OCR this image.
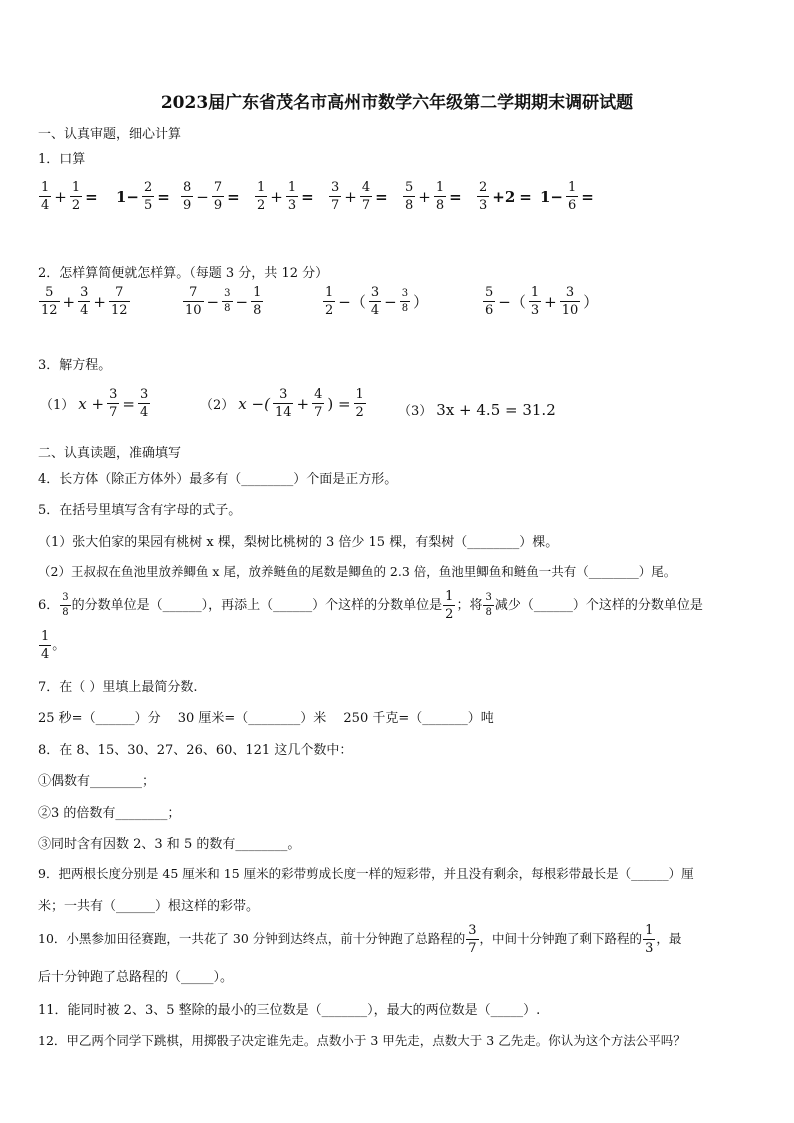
2023届广东省茂名市高州市数学六年级第二学期期末调研试题
一、认真审题，细心计算
1．口算
$\frac{1}{4} + \frac{1}{2} = 1- \frac{2}{5} = \frac{8}{9} - \frac{7}{9} = \frac{1}{2} + \frac{1}{3} = \frac{3}{7} + \frac{4}{7} = \frac{5}{8} + \frac{1}{8} = \frac{2}{3} +2 = 1- \frac{1}{6}$ =
2．怎样算简便就怎样算。（每题 3 分，共 12 分）
$\frac{5}{12} + \frac{3}{4} + \frac{7}{12}$	$\frac{7}{10} - \frac{3}{8} - \frac{1}{8}$	$\frac{1}{2}$ −（ $\frac{3}{4} - \frac{3}{8}$ ）	$\frac{5}{6}$ −（ $\frac{1}{3} + \frac{3}{10}$ ）
3．解方程。
（1） $x + \frac{3}{7} = \frac{3}{4}$	（2） x −( $\frac{3}{14} + \frac{4}{7}$ ) = $\frac{1}{2} (3) 3x + 4.5 = 31.2$
二、认真读题，准确填写
4．长方体（除正方体外）最多有（________）个面是正方形。
5．在括号里填写含有字母的式子。
（1）张大伯家的果园有桃树 x 棵，梨树比桃树的 3 倍少 15 棵，有梨树（________）棵。
（2）王叔叔在鱼池里放养鲫鱼 x 尾，放养鲢鱼的尾数是鲫鱼的 2.3 倍，鱼池里鲫鱼和鲢鱼一共有（________）尾。
6． $\frac{3}{8}$ 的分数单位是（______），再添上（______）个这样的分数单位是 $\frac{1}{2}$ ；将 $\frac{3}{8}$ 减少（______）个这样的分数单位是
$\frac{1}{4}$ 。
7．在（ ）里填上最简分数.
25 秒=（______）分　 30 厘米=（________）米　 250 千克=（_______）吨
8．在 8、15、30、27、26、60、121 这几个数中：
①偶数有________；
②3 的倍数有________；
③同时含有因数 2、3 和 5 的数有________。
9．把两根长度分别是 45 厘米和 15 厘米的彩带剪成长度一样的短彩带，并且没有剩余，每根彩带最长是（______）厘
米；一共有（______）根这样的彩带。
10．小黑参加田径赛跑，一共花了 30 分钟到达终点，前十分钟跑了总路程的 $\frac{3}{7}$ ，中间十分钟跑了剩下路程的 $\frac{1}{3}$ ，最
后十分钟跑了总路程的（_____）。
11．能同时被 2、3、5 整除的最小的三位数是（_______），最大的两位数是（_____）.
12．甲乙两个同学下跳棋，用掷骰子决定谁先走。点数小于 3 甲先走，点数大于 3 乙先走。你认为这个方法公平吗？
